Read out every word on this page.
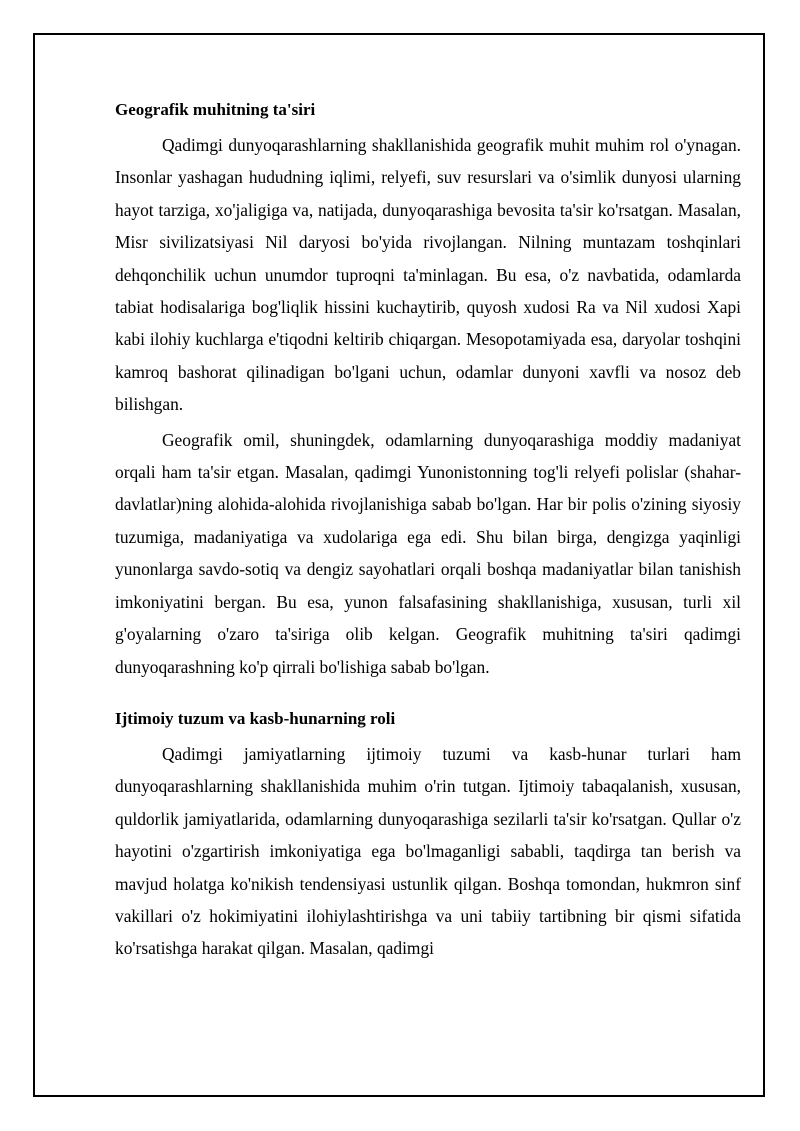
Geografik muhitning ta'siri

Qadimgi dunyoqarashlarning shakllanishida geografik muhit muhim rol o'ynagan. Insonlar yashagan hududning iqlimi, relyefi, suv resurslari va o'simlik dunyosi ularning hayot tarziga, xo'jaligiga va, natijada, dunyoqarashiga bevosita ta'sir ko'rsatgan. Masalan, Misr sivilizatsiyasi Nil daryosi bo'yida rivojlangan. Nilning muntazam toshqinlari dehqonchilik uchun unumdor tuproqni ta'minlagan. Bu esa, o'z navbatida, odamlarda tabiat hodisalariga bog'liqlik hissini kuchaytirib, quyosh xudosi Ra va Nil xudosi Xapi kabi ilohiy kuchlarga e'tiqodni keltirib chiqargan. Mesopotamiyada esa, daryolar toshqini kamroq bashorat qilinadigan bo'lgani uchun, odamlar dunyoni xavfli va nosoz deb bilishgan.

Geografik omil, shuningdek, odamlarning dunyoqarashiga moddiy madaniyat orqali ham ta'sir etgan. Masalan, qadimgi Yunonistonning tog'li relyefi polislar (shahar-davlatlar)ning alohida-alohida rivojlanishiga sabab bo'lgan. Har bir polis o'zining siyosiy tuzumiga, madaniyatiga va xudolariga ega edi. Shu bilan birga, dengizga yaqinligi yunonlarga savdo-sotiq va dengiz sayohatlari orqali boshqa madaniyatlar bilan tanishish imkoniyatini bergan. Bu esa, yunon falsafasining shakllanishiga, xususan, turli xil g'oyalarning o'zaro ta'siriga olib kelgan. Geografik muhitning ta'siri qadimgi dunyoqarashning ko'p qirrali bo'lishiga sabab bo'lgan.

Ijtimoiy tuzum va kasb-hunarning roli

Qadimgi jamiyatlarning ijtimoiy tuzumi va kasb-hunar turlari ham dunyoqarashlarning shakllanishida muhim o'rin tutgan. Ijtimoiy tabaqalanish, xususan, quldorlik jamiyatlarida, odamlarning dunyoqarashiga sezilarli ta'sir ko'rsatgan. Qullar o'z hayotini o'zgartirish imkoniyatiga ega bo'lmaganligi sababli, taqdirga tan berish va mavjud holatga ko'nikish tendensiyasi ustunlik qilgan. Boshqa tomondan, hukmron sinf vakillari o'z hokimiyatini ilohiylashtirishga va uni tabiiy tartibning bir qismi sifatida ko'rsatishga harakat qilgan. Masalan, qadimgi
